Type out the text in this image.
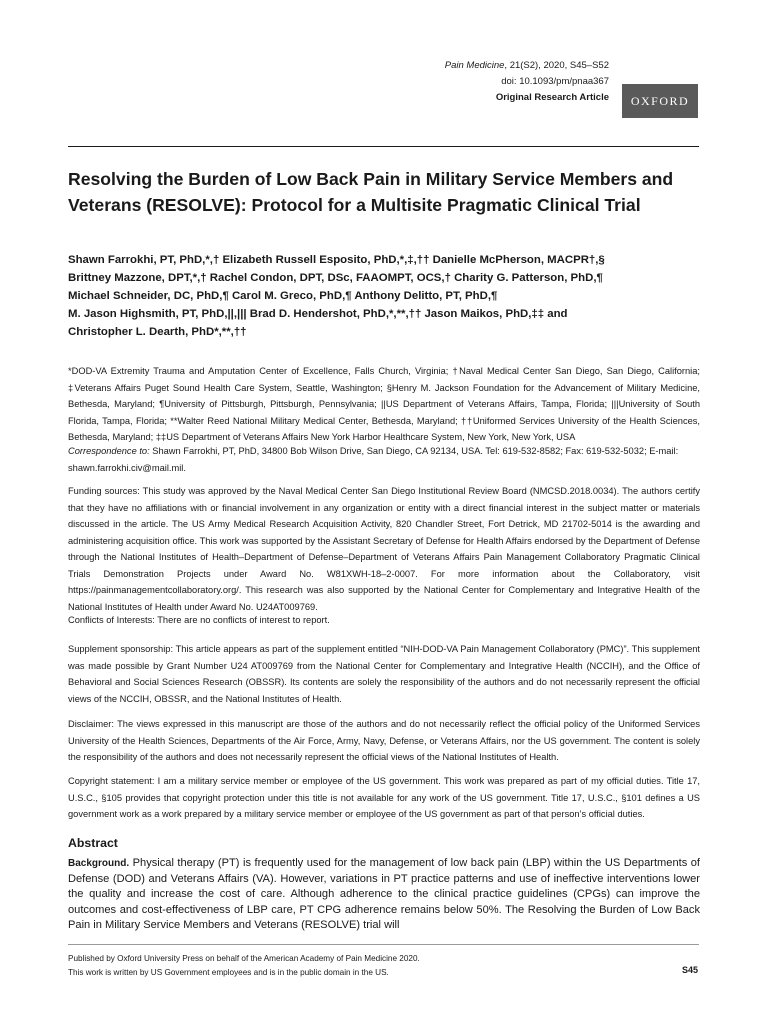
Pain Medicine, 21(S2), 2020, S45–S52
doi: 10.1093/pm/pnaa367
Original Research Article	OXFORD
Resolving the Burden of Low Back Pain in Military Service Members and Veterans (RESOLVE): Protocol for a Multisite Pragmatic Clinical Trial
Shawn Farrokhi, PT, PhD,*,† Elizabeth Russell Esposito, PhD,*,‡,†† Danielle McPherson, MACPR†,§
Brittney Mazzone, DPT,*,† Rachel Condon, DPT, DSc, FAAOMPT, OCS,† Charity G. Patterson, PhD,¶
Michael Schneider, DC, PhD,¶ Carol M. Greco, PhD,¶ Anthony Delitto, PT, PhD,¶
M. Jason Highsmith, PT, PhD,||,||| Brad D. Hendershot, PhD,*,**,†† Jason Maikos, PhD,‡‡ and
Christopher L. Dearth, PhD*,**,††

*DOD-VA Extremity Trauma and Amputation Center of Excellence, Falls Church, Virginia; †Naval Medical Center San Diego, San Diego, California; ‡Veterans Affairs Puget Sound Health Care System, Seattle, Washington; §Henry M. Jackson Foundation for the Advancement of Military Medicine, Bethesda, Maryland; ¶University of Pittsburgh, Pittsburgh, Pennsylvania; ||US Department of Veterans Affairs, Tampa, Florida; |||University of South Florida, Tampa, Florida; **Walter Reed National Military Medical Center, Bethesda, Maryland; ††Uniformed Services University of the Health Sciences, Bethesda, Maryland; ‡‡US Department of Veterans Affairs New York Harbor Healthcare System, New York, New York, USA

Correspondence to: Shawn Farrokhi, PT, PhD, 34800 Bob Wilson Drive, San Diego, CA 92134, USA. Tel: 619-532-8582; Fax: 619-532-5032; E-mail: shawn.farrokhi.civ@mail.mil.

Funding sources: This study was approved by the Naval Medical Center San Diego Institutional Review Board (NMCSD.2018.0034). The authors certify that they have no affiliations with or financial involvement in any organization or entity with a direct financial interest in the subject matter or materials discussed in the article. The US Army Medical Research Acquisition Activity, 820 Chandler Street, Fort Detrick, MD 21702-5014 is the awarding and administering acquisition office. This work was supported by the Assistant Secretary of Defense for Health Affairs endorsed by the Department of Defense through the National Institutes of Health–Department of Defense–Department of Veterans Affairs Pain Management Collaboratory Pragmatic Clinical Trials Demonstration Projects under Award No. W81XWH-18–2-0007. For more information about the Collaboratory, visit https://painmanagementcollaboratory.org/. This research was also supported by the National Center for Complementary and Integrative Health of the National Institutes of Health under Award No. U24AT009769.

Conflicts of Interests: There are no conflicts of interest to report.

Supplement sponsorship: This article appears as part of the supplement entitled “NIH-DOD-VA Pain Management Collaboratory (PMC)”. This supplement was made possible by Grant Number U24 AT009769 from the National Center for Complementary and Integrative Health (NCCIH), and the Office of Behavioral and Social Sciences Research (OBSSR). Its contents are solely the responsibility of the authors and do not necessarily represent the official views of the NCCIH, OBSSR, and the National Institutes of Health.

Disclaimer: The views expressed in this manuscript are those of the authors and do not necessarily reflect the official policy of the Uniformed Services University of the Health Sciences, Departments of the Air Force, Army, Navy, Defense, or Veterans Affairs, nor the US government. The content is solely the responsibility of the authors and does not necessarily represent the official views of the National Institutes of Health.

Copyright statement: I am a military service member or employee of the US government. This work was prepared as part of my official duties. Title 17, U.S.C., §105 provides that copyright protection under this title is not available for any work of the US government. Title 17, U.S.C., §101 defines a US government work as a work prepared by a military service member or employee of the US government as part of that person’s official duties.

Abstract

Background. Physical therapy (PT) is frequently used for the management of low back pain (LBP) within the US Departments of Defense (DOD) and Veterans Affairs (VA). However, variations in PT practice patterns and use of ineffective interventions lower the quality and increase the cost of care. Although adherence to the clinical practice guidelines (CPGs) can improve the outcomes and cost-effectiveness of LBP care, PT CPG adherence remains below 50%. The Resolving the Burden of Low Back Pain in Military Service Members and Veterans (RESOLVE) trial will

Published by Oxford University Press on behalf of the American Academy of Pain Medicine 2020.
This work is written by US Government employees and is in the public domain in the US.	S45
